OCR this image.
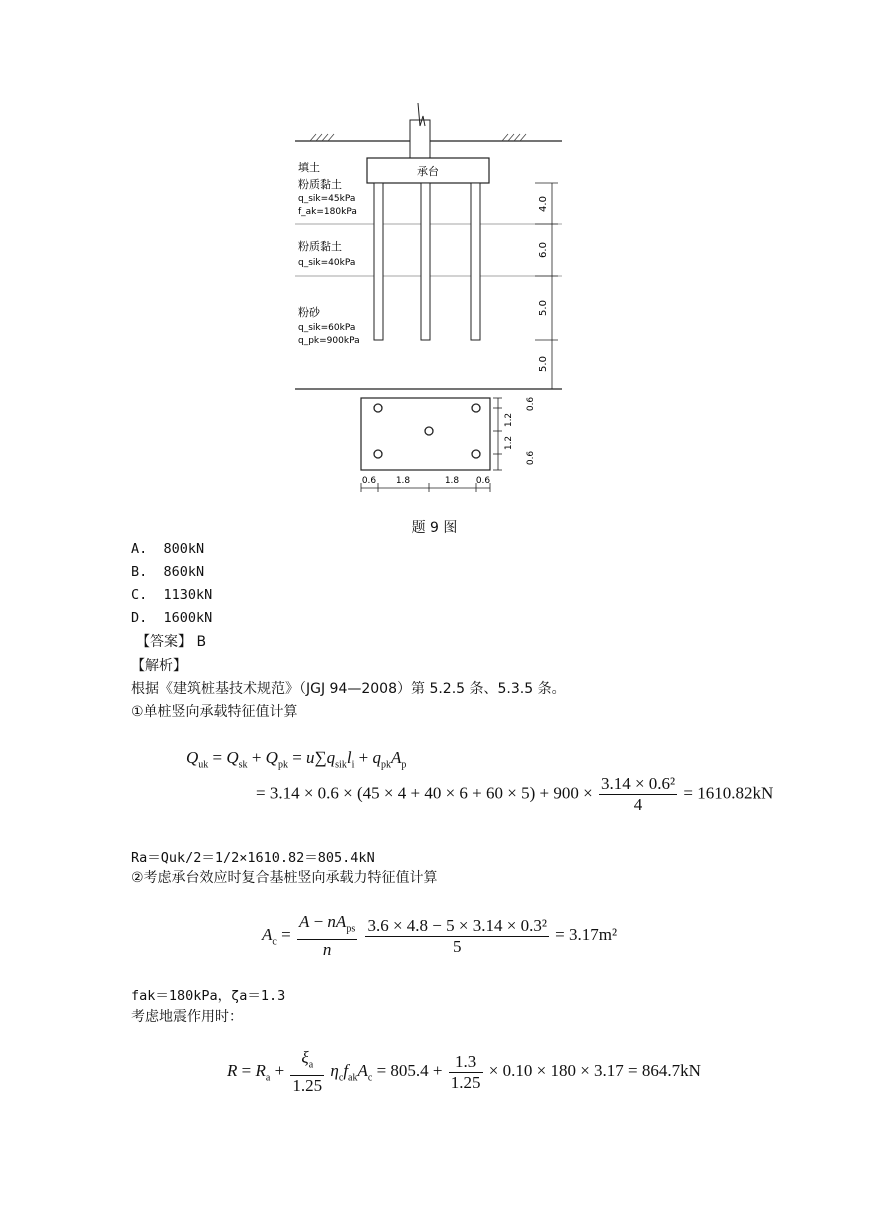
承台
填土
粉质黏土
q_sik=45kPa
f_ak=180kPa
粉质黏土
q_sik=40kPa
粉砂
q_sik=60kPa
q_pk=900kPa
4.0
6.0
5.0
5.0
0.6
1.2
1.2
0.6
0.6 1.8	1.8 0.6
题 9 图
A.  800kN
B.  860kN
C.  1130kN
D.  1600kN
【答案】 B
【解析】
根据《建筑桩基技术规范》（JGJ 94—2008）第 5.2.5 条、5.3.5 条。
①单桩竖向承载特征值计算
$Q_{uk} = Q_{sk} + Q_{pk} = u\sum q_{sik}l_i + q_{pk}A_p$
= $3.14 \times 0.6 \times (45 \times 4 + 40 \times 6 + 60 \times 5) + 900 \times \frac{\text{3.14 × 0.6²}}{4} = 1610.82kN$
Ra＝Quk/2＝1/2×1610.82＝805.4kN
②考虑承台效应时复合基桩竖向承载力特征值计算
$A_c = \frac{A - nA_{ps}}{n}$
$\frac{\text{3.6 × 4.8 − 5 × 3.14 × 0.3²}}{5} = 3.17m^2$
fak＝180kPa，ζa＝1.3
考虑地震作用时：
$R = R_a + \frac{\xi_a}{1.25} \eta_cf_{ak}A_c = 805.4 + \frac{1.3}{1.25} \times 0.10 \times 180 \times 3.17 = 864.7kN$
